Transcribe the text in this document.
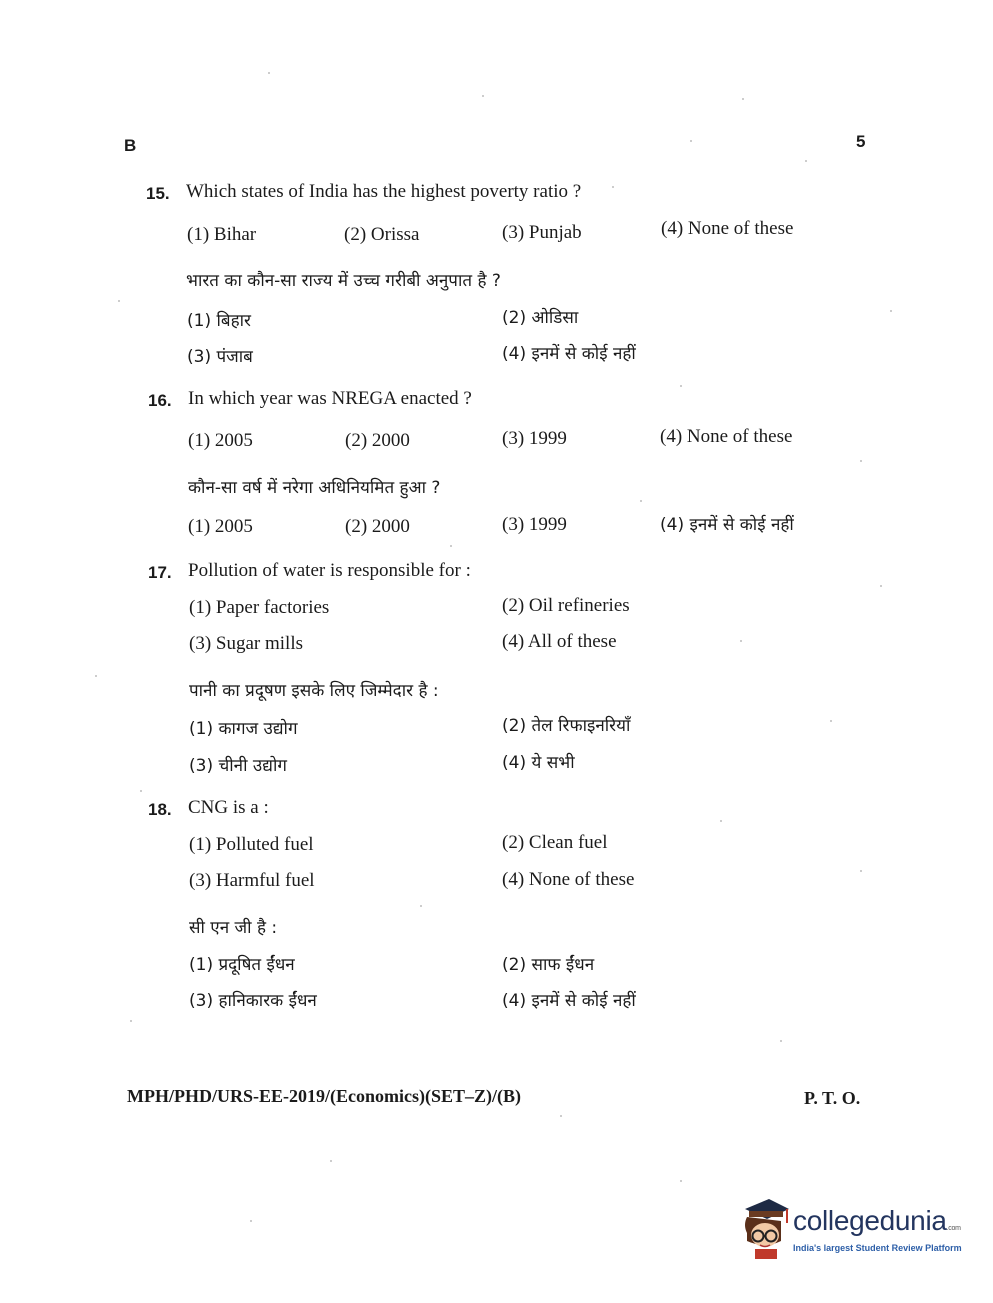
B	5
15. Which states of India has the highest poverty ratio ?
(1) Bihar	(2) Orissa	(3) Punjab	(4) None of these
भारत का कौन-सा राज्य में उच्च गरीबी अनुपात है ?
(1) बिहार	(2) ओडिसा
(3) पंजाब	(4) इनमें से कोई नहीं
16. In which year was NREGA enacted ?
(1) 2005	(2) 2000	(3) 1999	(4) None of these
कौन-सा वर्ष में नरेगा अधिनियमित हुआ ?
(1) 2005	(2) 2000	(3) 1999	(4) इनमें से कोई नहीं
17. Pollution of water is responsible for :
(1) Paper factories	(2) Oil refineries
(3) Sugar mills	(4) All of these
पानी का प्रदूषण इसके लिए जिम्मेदार है :
(1) कागज उद्योग	(2) तेल रिफाइनरियाँ
(3) चीनी उद्योग	(4) ये सभी
18. CNG is a :
(1) Polluted fuel	(2) Clean fuel
(3) Harmful fuel	(4) None of these
सी एन जी है :
(1) प्रदूषित ईंधन	(2) साफ ईंधन
(3) हानिकारक ईंधन	(4) इनमें से कोई नहीं
MPH/PHD/URS-EE-2019/(Economics)(SET–Z)/(B)	P. T. O.
collegedunia.com
India's largest Student Review Platform
